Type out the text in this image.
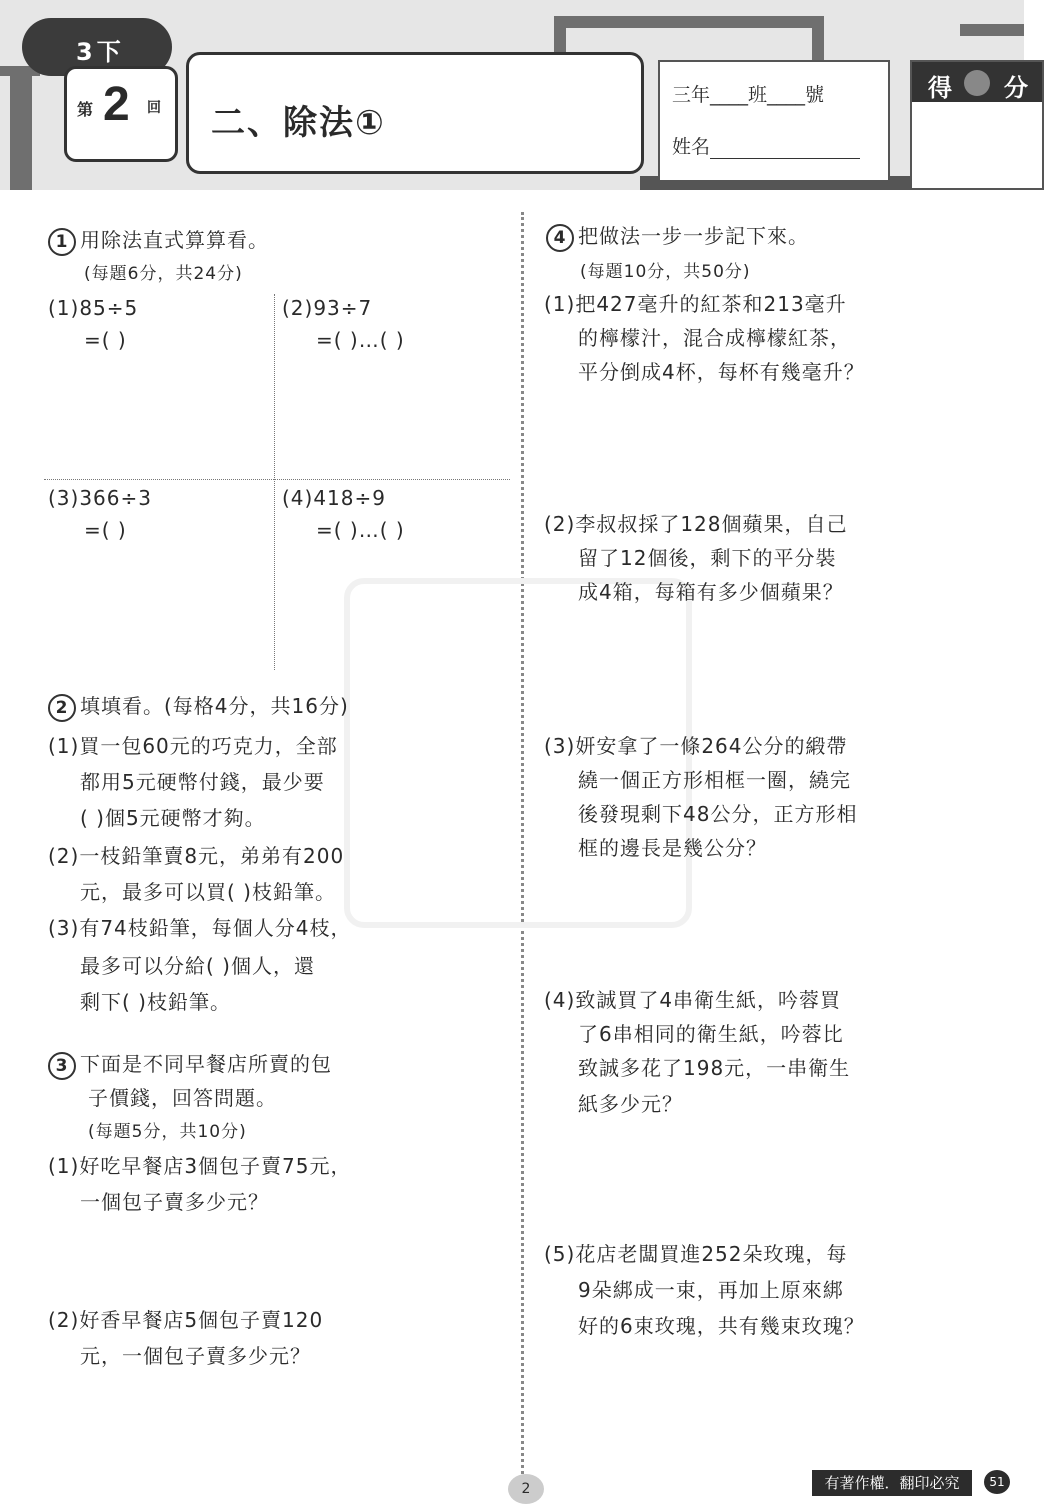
3下
第 2 回 二、除法①
三年____班____號
姓名
得 分
1 用除法直式算算看。
(每題6分，共24分)
(1)85÷5
=( )
(2)93÷7
=( )…( )
(3)366÷3
=( )
(4)418÷9
=( )…( )
2 填填看。(每格4分，共16分)
(1)買一包60元的巧克力，全部
都用5元硬幣付錢，最少要
( )個5元硬幣才夠。
(2)一枝鉛筆賣8元，弟弟有200
元，最多可以買( )枝鉛筆。
(3)有74枝鉛筆，每個人分4枝，
最多可以分給( )個人，還
剩下( )枝鉛筆。
3 下面是不同早餐店所賣的包
子價錢，回答問題。
(每題5分，共10分)
(1)好吃早餐店3個包子賣75元，
一個包子賣多少元？
(2)好香早餐店5個包子賣120
元，一個包子賣多少元？
4 把做法一步一步記下來。
(每題10分，共50分)
(1)把427毫升的紅茶和213毫升
的檸檬汁，混合成檸檬紅茶，
平分倒成4杯，每杯有幾毫升？
(2)李叔叔採了128個蘋果，自己
留了12個後，剩下的平分裝
成4箱，每箱有多少個蘋果？
(3)妍安拿了一條264公分的緞帶
繞一個正方形相框一圈，繞完
後發現剩下48公分，正方形相
框的邊長是幾公分？
(4)致誠買了4串衛生紙，吟蓉買
了6串相同的衛生紙，吟蓉比
致誠多花了198元，一串衛生
紙多少元？
(5)花店老闆買進252朵玫瑰，每
9朵綁成一束，再加上原來綁
好的6束玫瑰，共有幾束玫瑰？
2	有著作權．翻印必究	51
